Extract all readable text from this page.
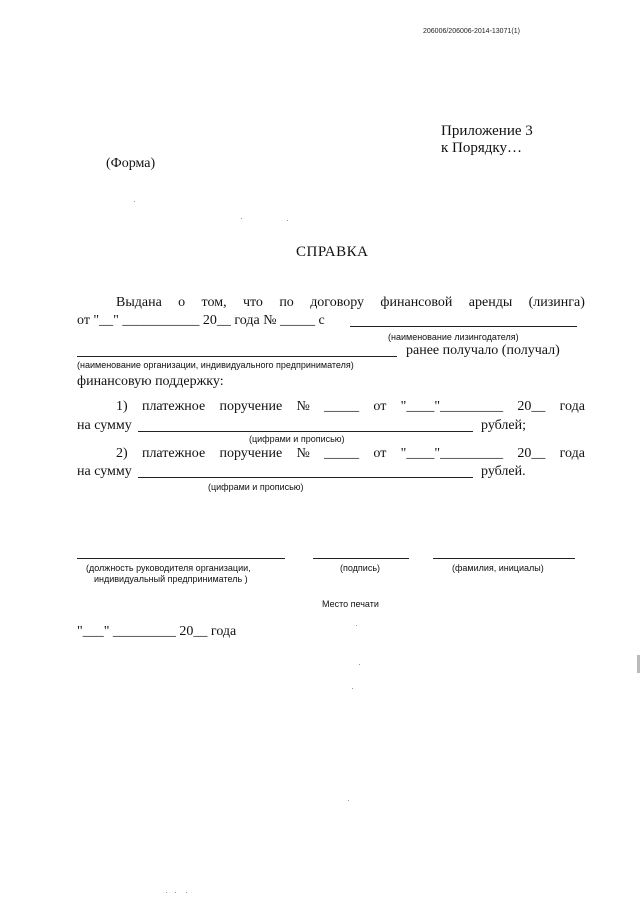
206006/206006-2014-13071(1)
Приложение 3
к Порядку…
(Форма)
СПРАВКА
Выдана о том, что по договору финансовой аренды (лизинга)
от "__" ___________ 20__ года № _____ с
(наименование лизингодателя)
ранее получало (получал)
(наименование организации, индивидуального предпринимателя)
финансовую поддержку:
1) платежное поручение № _____ от "____"_________ 20__ года
на сумму	рублей;
(цифрами и прописью)
2) платежное поручение № _____ от "____"_________ 20__ года
на сумму	рублей.
(цифрами и прописью)
(должность руководителя организации,
индивидуальный предприниматель )
(подпись)	(фамилия, инициалы)
Место печати
"___" _________ 20__ года
